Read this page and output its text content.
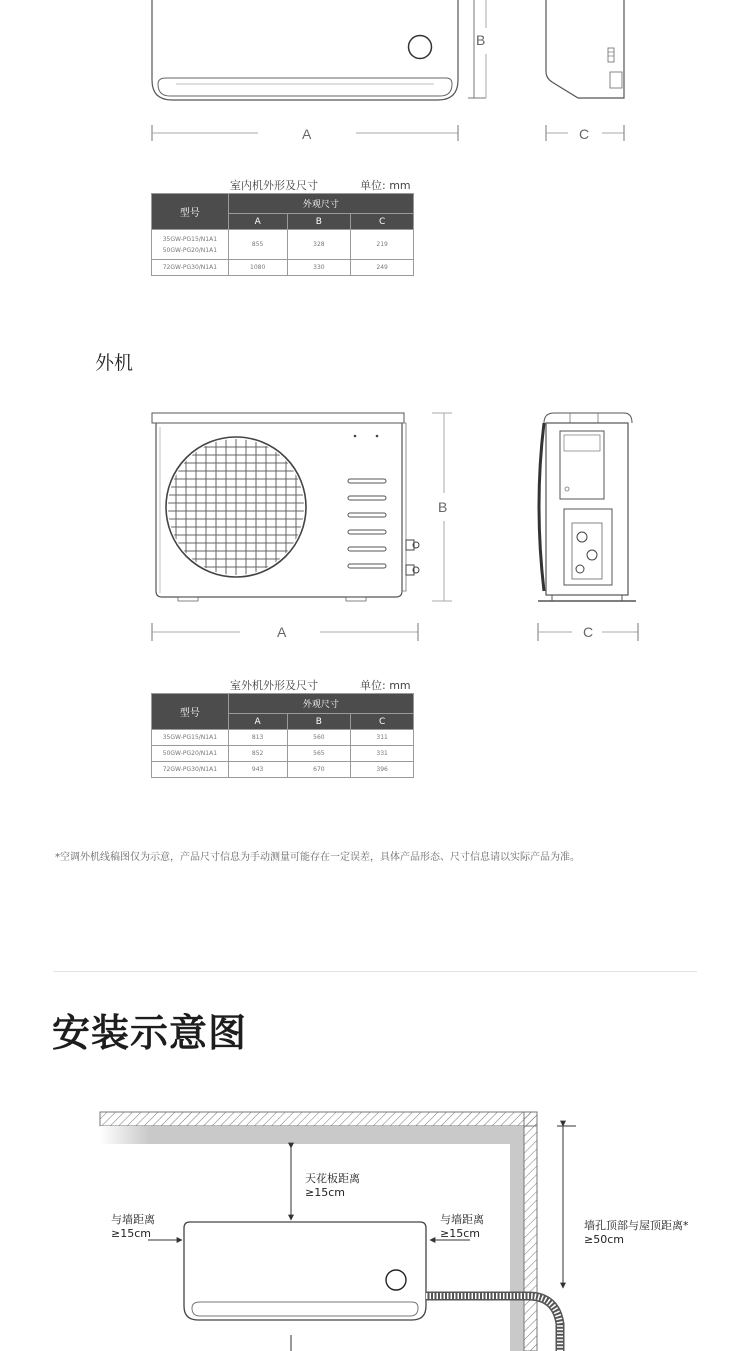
B
A	C
室内机外形及尺寸	单位: mm
型号	外观尺寸		
	A	B	C

35GW-PG15/N1A1
50GW-PG20/N1A1	855	328	219
72GW-PG30/N1A1	1080	330	249
外机
B
A	C
室外机外形及尺寸	单位: mm
型号	外观尺寸		
	A	B	C
35GW-PG15/N1A1	813	560	311
50GW-PG20/N1A1	852	565	331
72GW-PG30/N1A1	943	670	396
*空调外机线稿图仅为示意，产品尺寸信息为手动测量可能存在一定误差，具体产品形态、尺寸信息请以实际产品为准。
安装示意图
天花板距离
≥15cm
与墙距离
≥15cm
与墙距离
≥15cm
墙孔顶部与屋顶距离*
≥50cm
